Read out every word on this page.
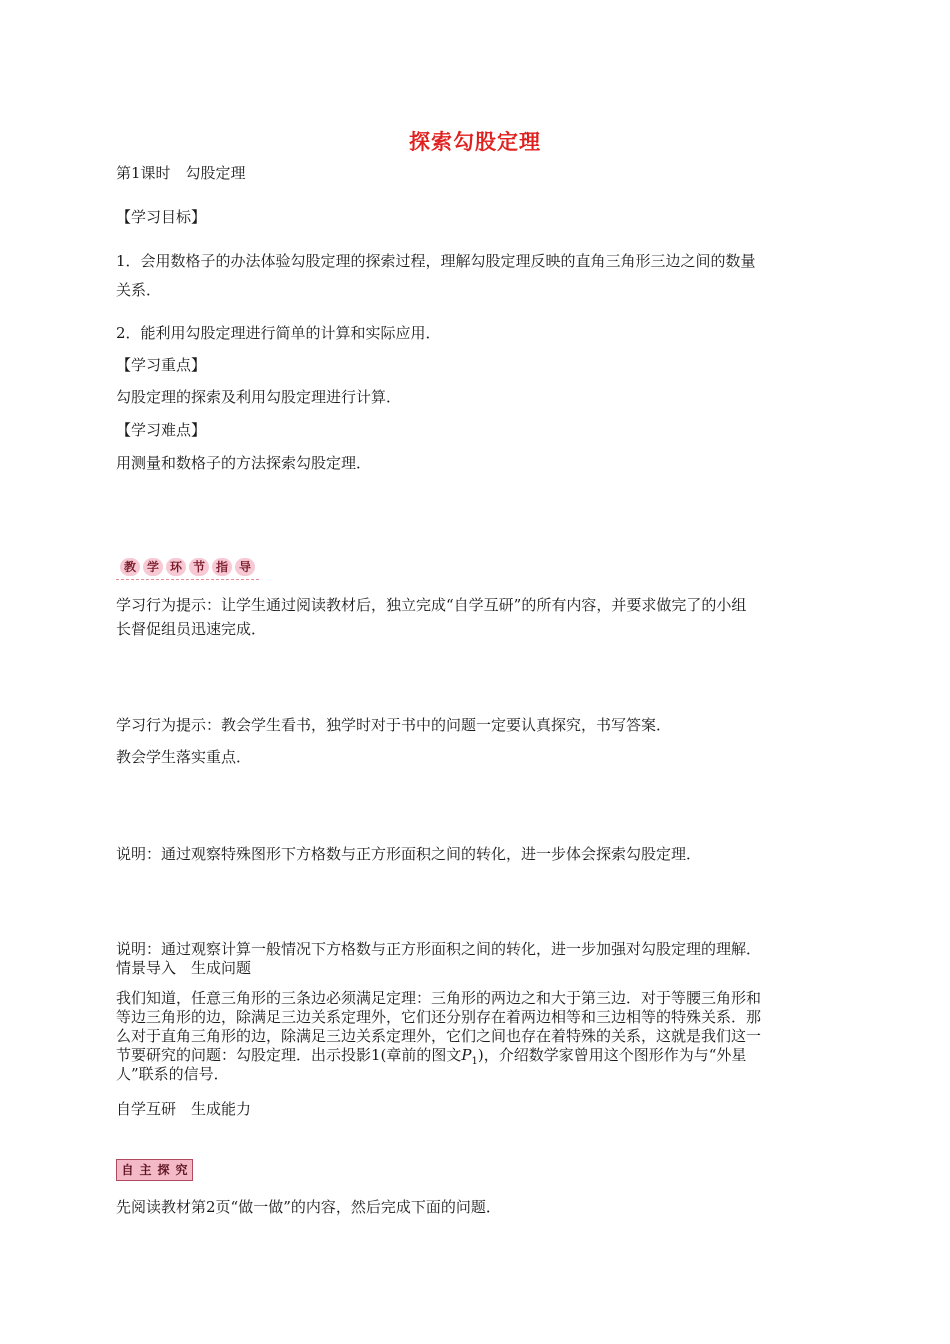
探索勾股定理
第1课时　勾股定理
【学习目标】
1．会用数格子的办法体验勾股定理的探索过程，理解勾股定理反映的直角三角形三边之间的数量
关系．
2．能利用勾股定理进行简单的计算和实际应用．
【学习重点】
勾股定理的探索及利用勾股定理进行计算．
【学习难点】
用测量和数格子的方法探索勾股定理．
教 学 环 节 指 导
学习行为提示：让学生通过阅读教材后，独立完成“自学互研”的所有内容，并要求做完了的小组
长督促组员迅速完成．
学习行为提示：教会学生看书，独学时对于书中的问题一定要认真探究，书写答案．
教会学生落实重点．
说明：通过观察特殊图形下方格数与正方形面积之间的转化，进一步体会探索勾股定理．
说明：通过观察计算一般情况下方格数与正方形面积之间的转化，进一步加强对勾股定理的理解．
情景导入　生成问题
我们知道，任意三角形的三条边必须满足定理：三角形的两边之和大于第三边．对于等腰三角形和
等边三角形的边，除满足三边关系定理外，它们还分别存在着两边相等和三边相等的特殊关系．那
么对于直角三角形的边，除满足三边关系定理外，它们之间也存在着特殊的关系，这就是我们这一
节要研究的问题：勾股定理．出示投影1(章前的图文$P_1$)，介绍数学家曾用这个图形作为与“外星
人”联系的信号．
自学互研　生成能力
自 主 探 究
先阅读教材第2页“做一做”的内容，然后完成下面的问题．
